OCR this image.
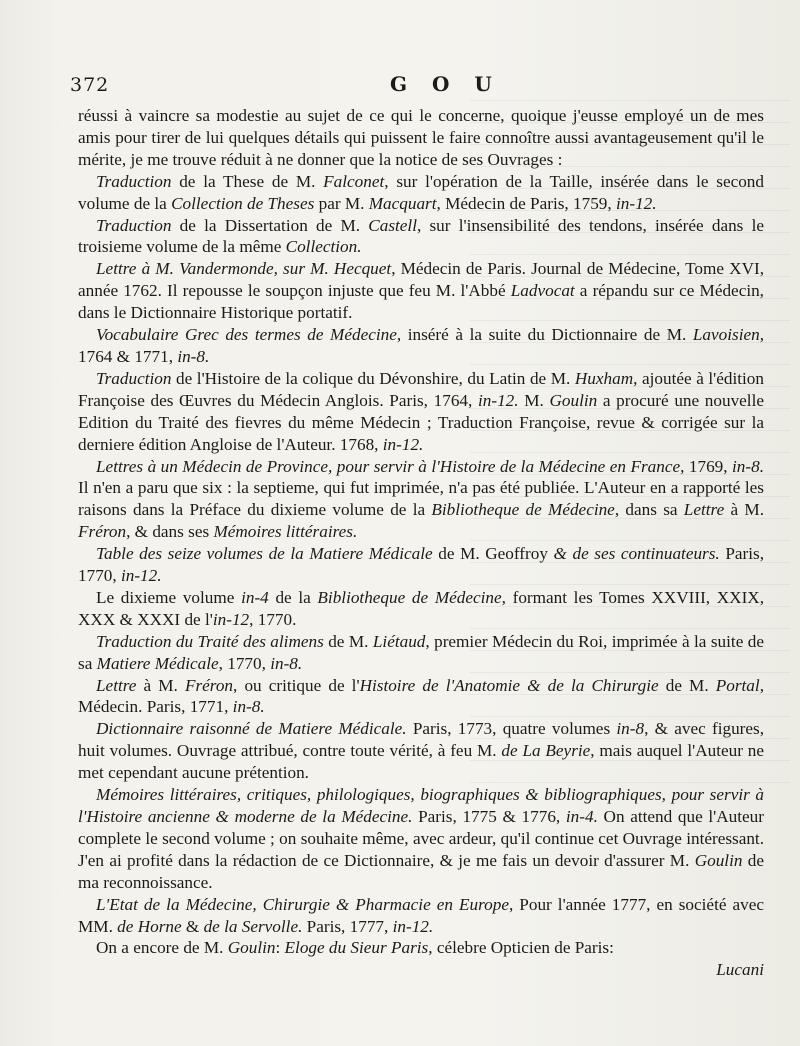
372	G O U

réussi à vaincre sa modestie au sujet de ce qui le concerne, quoique j'eusse employé un de mes amis pour tirer de lui quelques détails qui puissent le faire connoître aussi avantageusement qu'il le mérite, je me trouve réduit à ne donner que la notice de ses Ouvrages :

Traduction de la These de M. Falconet, sur l'opération de la Taille, insérée dans le second volume de la Collection de Theses par M. Macquart, Médecin de Paris, 1759, in-12.

Traduction de la Dissertation de M. Castell, sur l'insensibilité des tendons, insérée dans le troisieme volume de la même Collection.

Lettre à M. Vandermonde, sur M. Hecquet, Médecin de Paris. Journal de Médecine, Tome XVI, année 1762. Il repousse le soupçon injuste que feu M. l'Abbé Ladvocat a répandu sur ce Médecin, dans le Dictionnaire Historique portatif.

Vocabulaire Grec des termes de Médecine, inséré à la suite du Dictionnaire de M. Lavoisien, 1764 & 1771, in-8.

Traduction de l'Histoire de la colique du Dévonshire, du Latin de M. Huxham, ajoutée à l'édition Françoise des Œuvres du Médecin Anglois. Paris, 1764, in-12. M. Goulin a procuré une nouvelle Edition du Traité des fievres du même Médecin ; Traduction Françoise, revue & corrigée sur la derniere édition Angloise de l'Auteur. 1768, in-12.

Lettres à un Médecin de Province, pour servir à l'Histoire de la Médecine en France, 1769, in-8. Il n'en a paru que six : la septieme, qui fut imprimée, n'a pas été publiée. L'Auteur en a rapporté les raisons dans la Préface du dixieme volume de la Bibliotheque de Médecine, dans sa Lettre à M. Fréron, & dans ses Mémoires littéraires.

Table des seize volumes de la Matiere Médicale de M. Geoffroy & de ses continuateurs. Paris, 1770, in-12.

Le dixieme volume in-4 de la Bibliotheque de Médecine, formant les Tomes XXVIII, XXIX, XXX & XXXI de l'in-12, 1770.

Traduction du Traité des alimens de M. Liétaud, premier Médecin du Roi, imprimée à la suite de sa Matiere Médicale, 1770, in-8.

Lettre à M. Fréron, ou critique de l'Histoire de l'Anatomie & de la Chirurgie de M. Portal, Médecin. Paris, 1771, in-8.

Dictionnaire raisonné de Matiere Médicale. Paris, 1773, quatre volumes in-8, & avec figures, huit volumes. Ouvrage attribué, contre toute vérité, à feu M. de La Beyrie, mais auquel l'Auteur ne met cependant aucune prétention.

Mémoires littéraires, critiques, philologiques, biographiques & bibliographiques, pour servir à l'Histoire ancienne & moderne de la Médecine. Paris, 1775 & 1776, in-4. On attend que l'Auteur complete le second volume ; on souhaite même, avec ardeur, qu'il continue cet Ouvrage intéressant. J'en ai profité dans la rédaction de ce Dictionnaire, & je me fais un devoir d'assurer M. Goulin de ma reconnoissance.

L'Etat de la Médecine, Chirurgie & Pharmacie en Europe, Pour l'année 1777, en société avec MM. de Horne & de la Servolle. Paris, 1777, in-12.

On a encore de M. Goulin: Eloge du Sieur Paris, célebre Opticien de Paris:

Lucani
